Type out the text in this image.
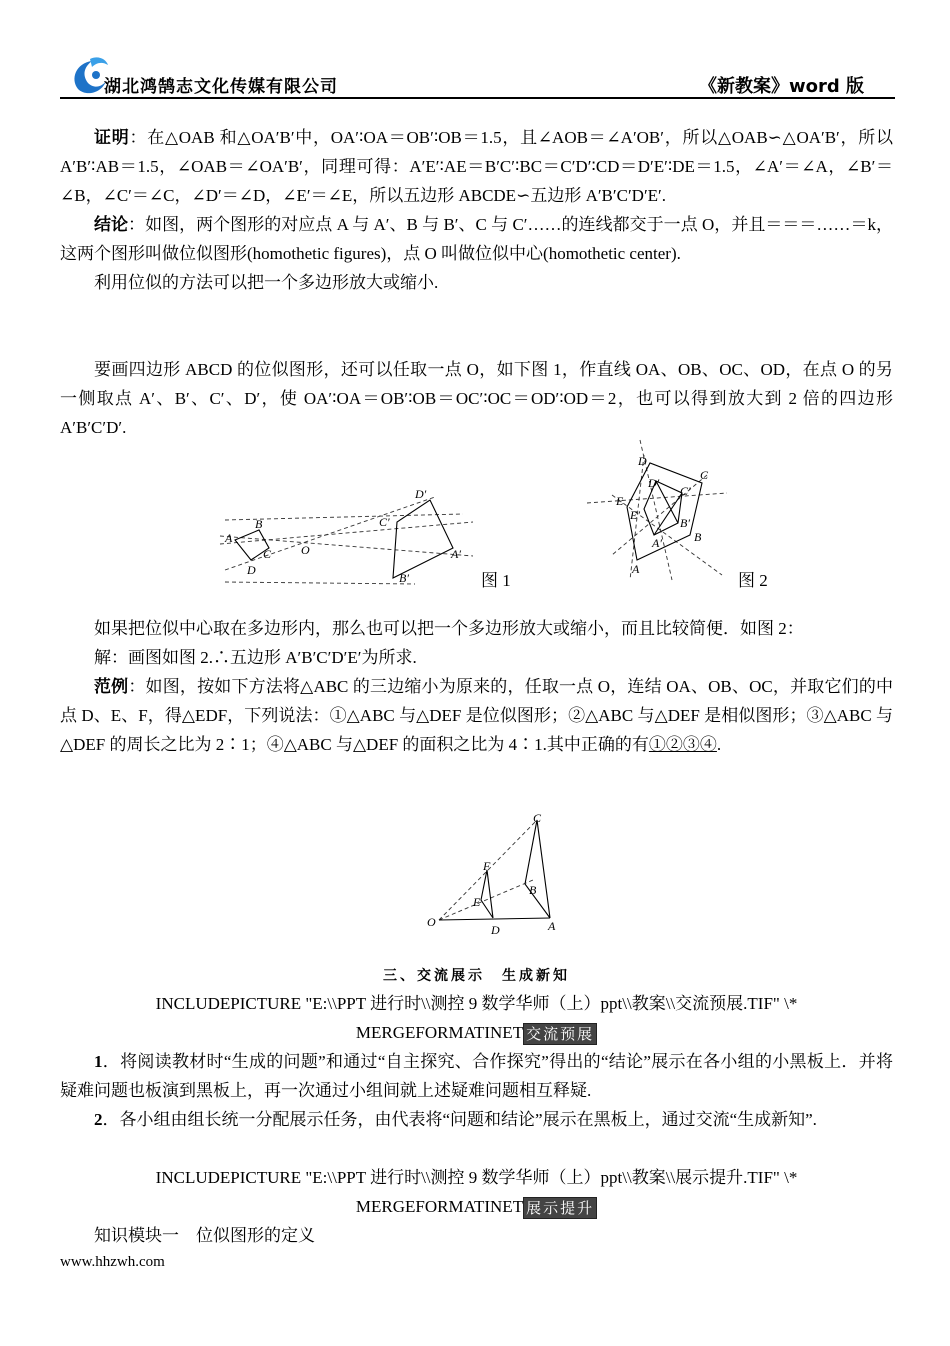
湖北鸿鹄志文化传媒有限公司	《新教案》word 版

证明：在△OAB 和△OA′B′中，OA′∶OA＝OB′∶OB＝1.5，且∠AOB＝∠A′OB′，所以△OAB∽△OA′B′，所以 A′B′∶AB＝1.5，∠OAB＝∠OA′B′，同理可得：A′E′∶AE＝B′C′∶BC＝C′D′∶CD＝D′E′∶DE＝1.5，∠A′＝∠A，∠B′＝∠B，∠C′＝∠C，∠D′＝∠D，∠E′＝∠E，所以五边形 ABCDE∽五边形 A′B′C′D′E′.

结论：如图，两个图形的对应点 A 与 A′、B 与 B′、C 与 C′……的连线都交于一点 O，并且＝＝＝……＝k，这两个图形叫做位似图形(homothetic figures)，点 O 叫做位似中心(homothetic center).

利用位似的方法可以把一个多边形放大或缩小.

要画四边形 ABCD 的位似图形，还可以任取一点 O，如下图 1，作直线 OA、OB、OC、OD，在点 O 的另一侧取点 A′、B′、C′、D′，使 OA′∶OA＝OB′∶OB＝OC′∶OC＝OD′∶OD＝2，也可以得到放大到 2 倍的四边形 A′B′C′D′.

A
B
C
D
O	A′
B′
C′
D′
图 1
A
B
C
D
E
A′
B′
C′
D′
E′
图 2

如果把位似中心取在多边形内，那么也可以把一个多边形放大或缩小，而且比较简便．如图 2：

解：画图如图 2.∴五边形 A′B′C′D′E′为所求.

范例：如图，按如下方法将△ABC 的三边缩小为原来的，任取一点 O，连结 OA、OB、OC，并取它们的中点 D、E、F，得△EDF，下列说法：①△ABC 与△DEF 是位似图形；②△ABC 与△DEF 是相似图形；③△ABC 与△DEF 的周长之比为 2∶1；④△ABC 与△DEF 的面积之比为 4∶1.其中正确的有①②③④.

O	A
B
C
D
E
F
三、交流展示　生成新知

INCLUDEPICTURE "E:\\PPT 进行时\\测控 9 数学华师（上）ppt\\教案\\交流预展.TIF" \*

MERGEFORMATINET 交流预展

1．将阅读教材时“生成的问题”和通过“自主探究、合作探究”得出的“结论”展示在各小组的小黑板上．并将疑难问题也板演到黑板上，再一次通过小组间就上述疑难问题相互释疑.

2．各小组由组长统一分配展示任务，由代表将“问题和结论”展示在黑板上，通过交流“生成新知”.

INCLUDEPICTURE "E:\\PPT 进行时\\测控 9 数学华师（上）ppt\\教案\\展示提升.TIF" \*

MERGEFORMATINET 展示提升

知识模块一　位似图形的定义

www.hhzwh.com
